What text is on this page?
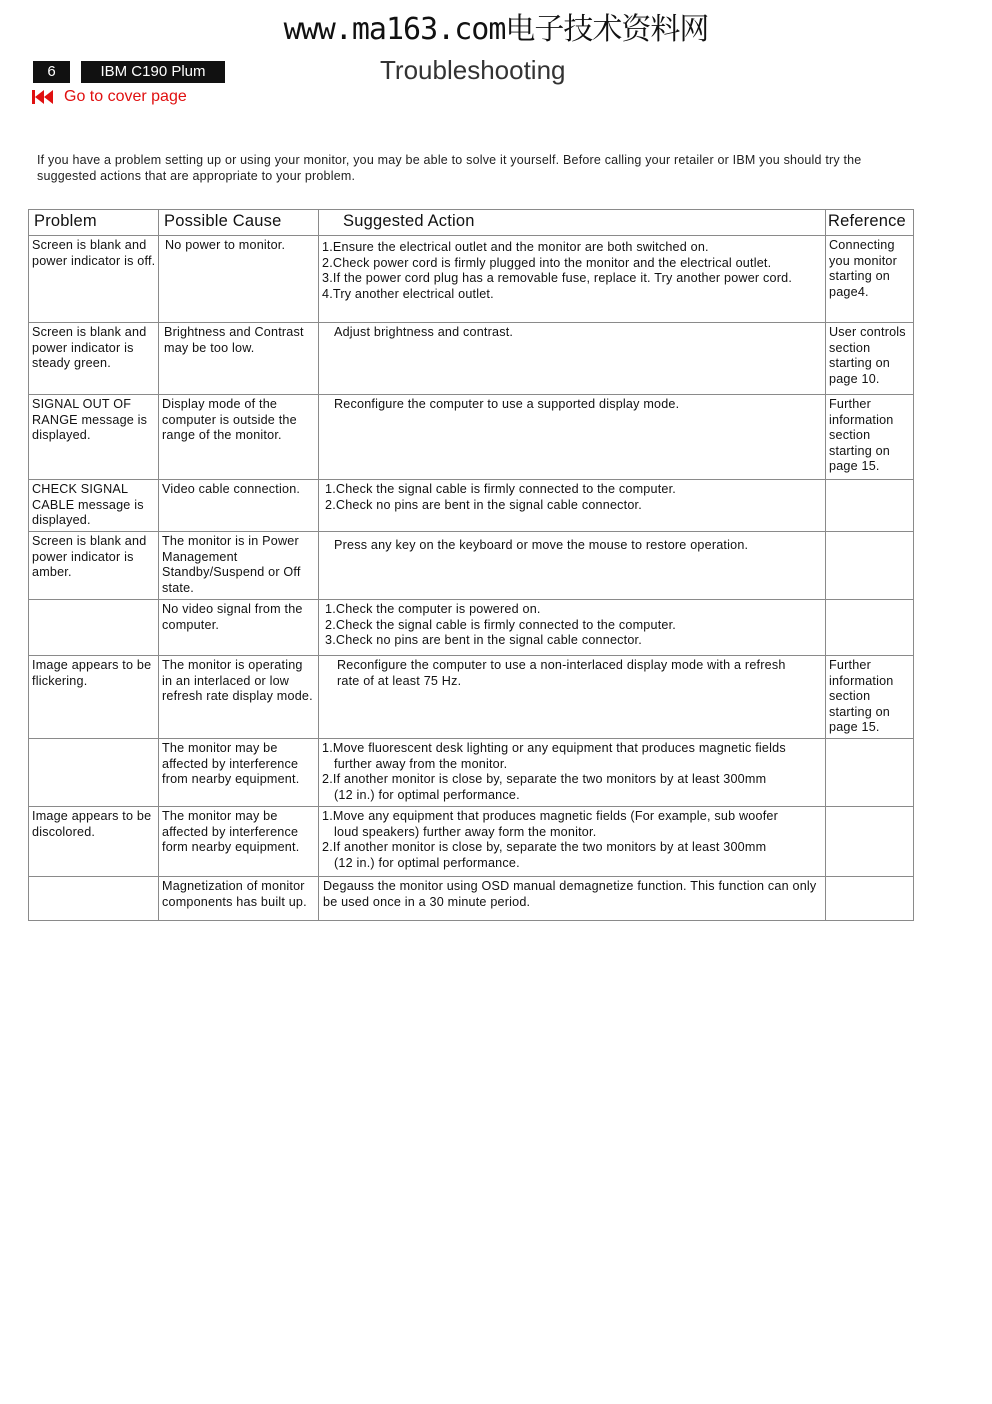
www.ma163.com电子技术资料网
6	IBM C190 Plum	Troubleshooting
Go to cover page
If you have a problem setting up or using your monitor, you may be able to solve it yourself. Before calling your retailer or IBM you should try the suggested actions that are appropriate to your problem.
Problem	Possible Cause	Suggested Action	Reference
Screen is blank and power indicator is off.	No power to monitor.	1.Ensure the electrical outlet and the monitor are both switched on.
2.Check power cord is firmly plugged into the monitor and the electrical outlet.
3.If the power cord plug has a removable fuse, replace it. Try another power cord.
4.Try another electrical outlet.	Connecting you monitor starting on page4.
Screen is blank and power indicator is steady green.	Brightness and Contrast may be too low.	Adjust brightness and contrast.	User controls section starting on page 10.
SIGNAL OUT OF RANGE message is displayed.	Display mode of the computer is outside the range of the monitor.	Reconfigure the computer to use a supported display mode.	Further information section starting on page 15.
CHECK SIGNAL CABLE message is displayed.	Video cable connection.	1.Check the signal cable is firmly connected to the computer.
2.Check no pins are bent in the signal cable connector.	

Screen is blank and power indicator is amber.	The monitor is in Power Management Standby/Suspend or Off state.	Press any key on the keyboard or move the mouse to restore operation.	

	No video signal from the computer.	1.Check the computer is powered on.
2.Check the signal cable is firmly connected to the computer.
3.Check no pins are bent in the signal cable connector.	

Image appears to be flickering.	The monitor is operating in an interlaced or low refresh rate display mode.	Reconfigure the computer to use a non-interlaced display mode with a refresh rate of at least 75 Hz.	Further information section starting on page 15.
	The monitor may be affected by interference from nearby equipment.	1.Move fluorescent desk lighting or any equipment that produces magnetic fields further away from the monitor.
2.If another monitor is close by, separate the two monitors by at least 300mm (12 in.) for optimal performance.	

Image appears to be discolored.	The monitor may be affected by interference form nearby equipment.	1.Move any equipment that produces magnetic fields (For example, sub woofer loud speakers) further away form the monitor.
2.If another monitor is close by, separate the two monitors by at least 300mm (12 in.) for optimal performance.	

	Magnetization of monitor components has built up.	Degauss the monitor using OSD manual demagnetize function. This function can only be used once in a 30 minute period.	
